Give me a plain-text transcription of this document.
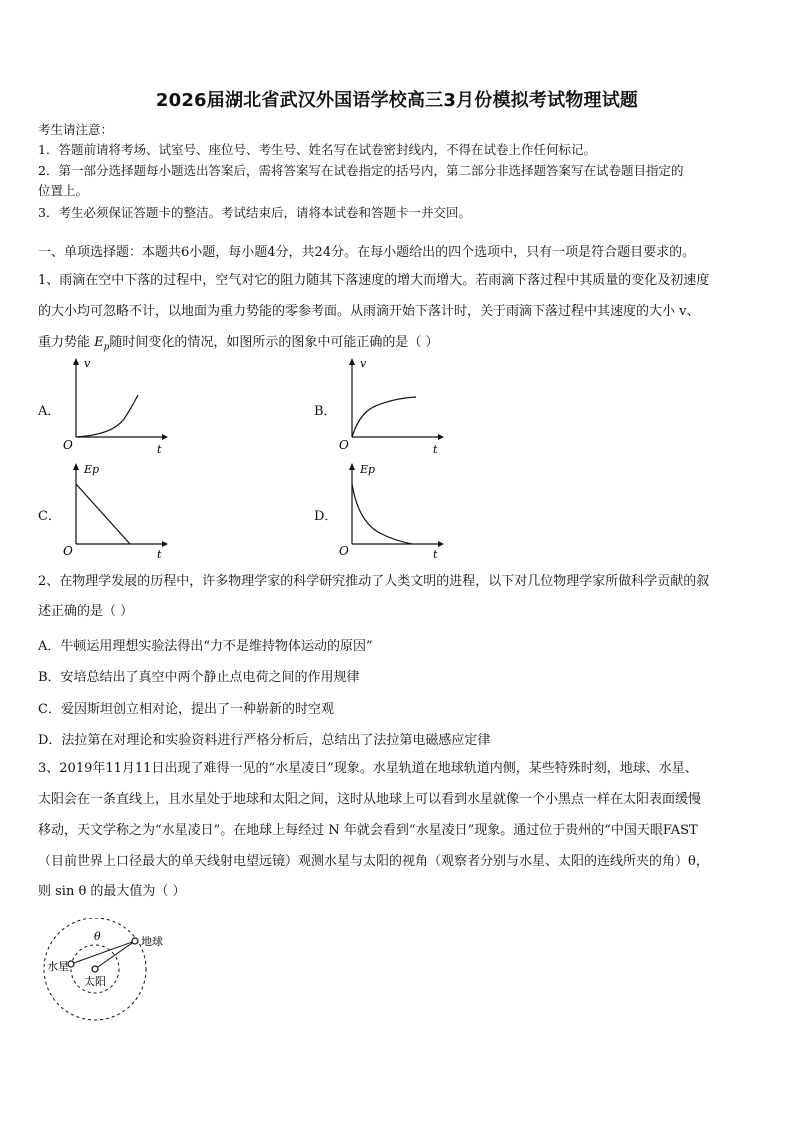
2026届湖北省武汉外国语学校高三3月份模拟考试物理试题
考生请注意：
1．答题前请将考场、试室号、座位号、考生号、姓名写在试卷密封线内，不得在试卷上作任何标记。
2．第一部分选择题每小题选出答案后，需将答案写在试卷指定的括号内，第二部分非选择题答案写在试卷题目指定的
位置上。
3．考生必须保证答题卡的整洁。考试结束后，请将本试卷和答题卡一并交回。
一、单项选择题：本题共6小题，每小题4分，共24分。在每小题给出的四个选项中，只有一项是符合题目要求的。
1、雨滴在空中下落的过程中，空气对它的阻力随其下落速度的增大而增大。若雨滴下落过程中其质量的变化及初速度
的大小均可忽略不计，以地面为重力势能的零参考面。从雨滴开始下落计时，关于雨滴下落过程中其速度的大小 v、
重力势能 $E_p$随时间变化的情况，如图所示的图象中可能正确的是（ ）
A．
v
O	t
B．
v
O	t
C．
Ep
O	t
D．
Ep
O	t
2、在物理学发展的历程中，许多物理学家的科学研究推动了人类文明的进程，以下对几位物理学家所做科学贡献的叙
述正确的是（ ）
A．牛顿运用理想实验法得出“力不是维持物体运动的原因”
B．安培总结出了真空中两个静止点电荷之间的作用规律
C．爱因斯坦创立相对论，提出了一种崭新的时空观
D．法拉第在对理论和实验资料进行严格分析后，总结出了法拉第电磁感应定律
3、2019年11月11日出现了难得一见的“水星凌日”现象。水星轨道在地球轨道内侧，某些特殊时刻，地球、水星、
太阳会在一条直线上，且水星处于地球和太阳之间，这时从地球上可以看到水星就像一个小黑点一样在太阳表面缓慢
移动，天文学称之为“水星凌日”。在地球上每经过 N 年就会看到“水星凌日”现象。通过位于贵州的“中国天眼FAST
（目前世界上口径最大的单天线射电望远镜）观测水星与太阳的视角（观察者分别与水星、太阳的连线所夹的角）θ，
则 sin θ 的最大值为（ ）
θ	地球
水星
太阳
